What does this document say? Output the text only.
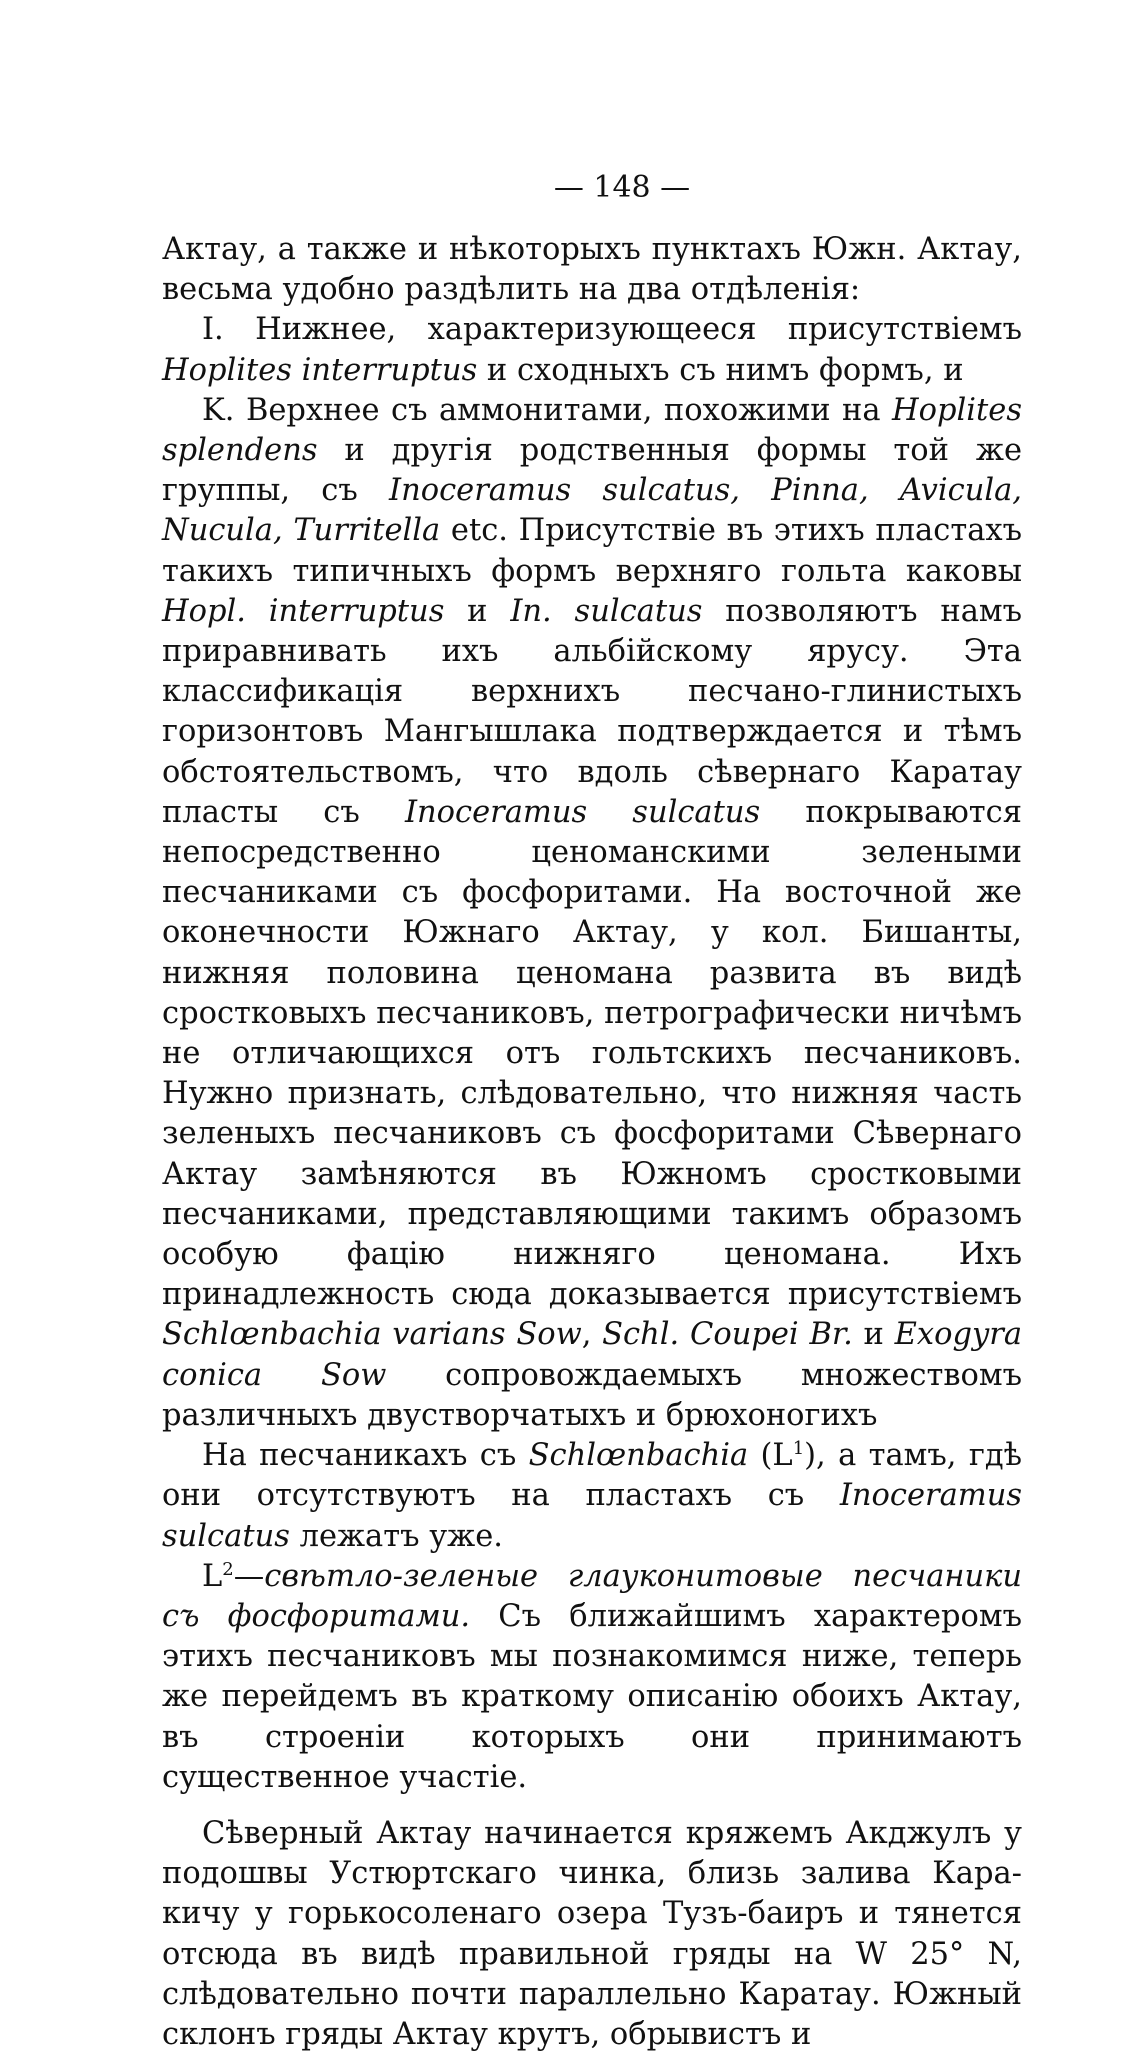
— 148 —

Актау, а также и нѣкоторыхъ пунктахъ Южн. Актау, весьма удобно раздѣлить на два отдѣленія:

I. Нижнее, характеризующееся присутствіемъ Hoplites interruptus и сходныхъ съ нимъ формъ, и

K. Верхнее съ аммонитами, похожими на Hoplites splendens и другія родственныя формы той же группы, съ Inoceramus sulcatus, Pinna, Avicula, Nucula, Turritella etc. Присутствіе въ этихъ пластахъ такихъ типичныхъ формъ верхняго гольта каковы Hopl. interruptus и In. sulcatus позволяютъ намъ приравнивать ихъ альбійскому ярусу. Эта классификація верхнихъ песчано-глинистыхъ горизонтовъ Мангышлака подтверждается и тѣмъ обстоятельствомъ, что вдоль сѣвернаго Каратау пласты съ Inoceramus sulcatus покрываются непосредственно ценоманскими зелеными песчаниками съ фосфоритами. На восточной же оконечности Южнаго Актау, у кол. Бишанты, нижняя половина ценомана развита въ видѣ сростковыхъ песчаниковъ, петрографически ничѣмъ не отличающихся отъ гольтскихъ песчаниковъ. Нужно признать, слѣдовательно, что нижняя часть зеленыхъ песчаниковъ съ фосфоритами Сѣвернаго Актау замѣняются въ Южномъ сростковыми песчаниками, представляющими такимъ образомъ особую фацію нижняго ценомана. Ихъ принадлежность сюда доказывается присутствіемъ Schlœnbachia varians Sow, Schl. Coupei Br. и Exogyra conica Sow сопровождаемыхъ множествомъ различныхъ двустворчатыхъ и брюхоногихъ

На песчаникахъ съ Schlœnbachia $(L^1)$, а тамъ, гдѣ они отсутствуютъ на пластахъ съ Inoceramus sulcatus лежатъ уже.

$L^2—свѣтло$-зеленые глауконитовые песчаники съ фосфоритами. Съ ближайшимъ характеромъ этихъ песчаниковъ мы познакомимся ниже, теперь же перейдемъ въ краткому описанію обоихъ Актау, въ строеніи которыхъ они принимаютъ существенное участіе.

Сѣверный Актау начинается кряжемъ Акджулъ у подошвы Устюртскаго чинка, близь залива Кара-кичу у горькосоленаго озера Тузъ-баиръ и тянется отсюда въ видѣ правильной гряды на W 25° N, слѣдовательно почти параллельно Каратау. Южный склонъ гряды Актау крутъ, обрывистъ и
